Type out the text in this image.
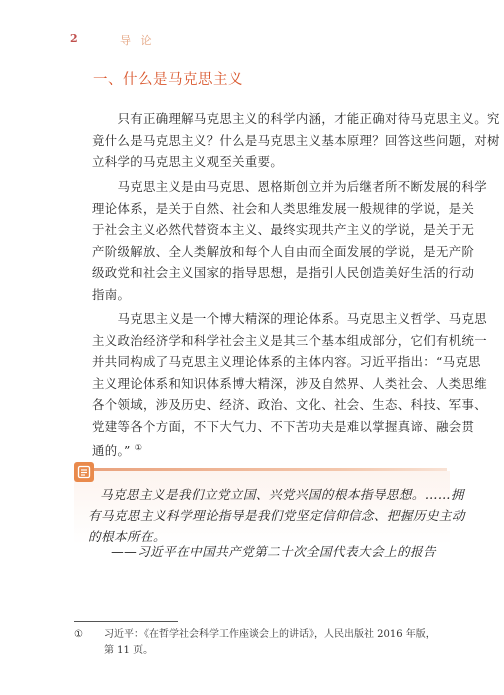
2	导 论
一、什么是马克思主义

　　只有正确理解马克思主义的科学内涵，才能正确对待马克思主义。究
竟什么是马克思主义？什么是马克思主义基本原理？回答这些问题，对树
立科学的马克思主义观至关重要。

　　马克思主义是由马克思、恩格斯创立并为后继者所不断发展的科学
理论体系，是关于自然、社会和人类思维发展一般规律的学说，是关
于社会主义必然代替资本主义、最终实现共产主义的学说，是关于无
产阶级解放、全人类解放和每个人自由而全面发展的学说，是无产阶
级政党和社会主义国家的指导思想，是指引人民创造美好生活的行动
指南。

　　马克思主义是一个博大精深的理论体系。马克思主义哲学、马克思
主义政治经济学和科学社会主义是其三个基本组成部分，它们有机统一
并共同构成了马克思主义理论体系的主体内容。习近平指出：“马克思
主义理论体系和知识体系博大精深，涉及自然界、人类社会、人类思维
各个领域，涉及历史、经济、政治、文化、社会、生态、科技、军事、
党建等各个方面，不下大气力、不下苦功夫是难以掌握真谛、融会贯
通的。” ①

马克思主义是我们立党立国、兴党兴国的根本指导思想。……拥
有马克思主义科学理论指导是我们党坚定信仰信念、把握历史主动
的根本所在。
——习近平在中国共产党第二十次全国代表大会上的报告
① 习近平：《在哲学社会科学工作座谈会上的讲话》，人民出版社 2016 年版，
第 11 页。
